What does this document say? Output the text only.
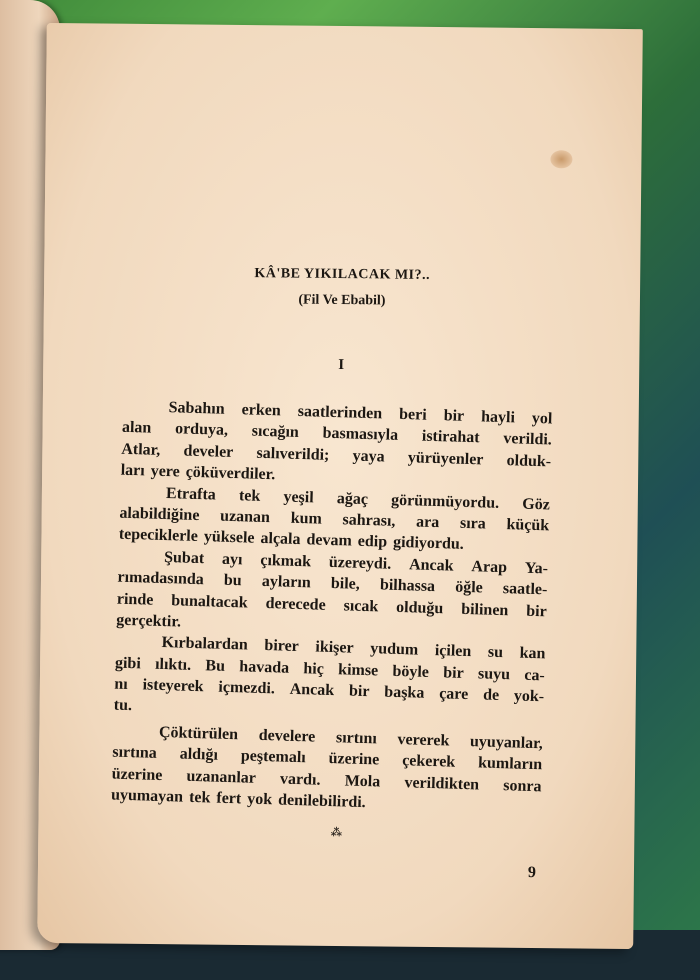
KÂ'BE YIKILACAK MI?..
(Fil Ve Ebabil)
I
Sabahın erken saatlerinden beri bir hayli yol
alan orduya, sıcağın basmasıyla istirahat verildi.
Atlar, develer salıverildi; yaya yürüyenler olduk-
ları yere çöküverdiler.
Etrafta tek yeşil ağaç görünmüyordu. Göz
alabildiğine uzanan kum sahrası, ara sıra küçük
tepeciklerle yüksele alçala devam edip gidiyordu.
Şubat ayı çıkmak üzereydi. Ancak Arap Ya-
rımadasında bu ayların bile, bilhassa öğle saatle-
rinde bunaltacak derecede sıcak olduğu bilinen bir
gerçektir.
Kırbalardan birer ikişer yudum içilen su kan
gibi ılıktı. Bu havada hiç kimse böyle bir suyu ca-
nı isteyerek içmezdi. Ancak bir başka çare de yok-
tu.
Çöktürülen develere sırtını vererek uyuyanlar,
sırtına aldığı peştemalı üzerine çekerek kumların
üzerine uzananlar vardı. Mola verildikten sonra
uyumayan tek fert yok denilebilirdi.
⁂
9
